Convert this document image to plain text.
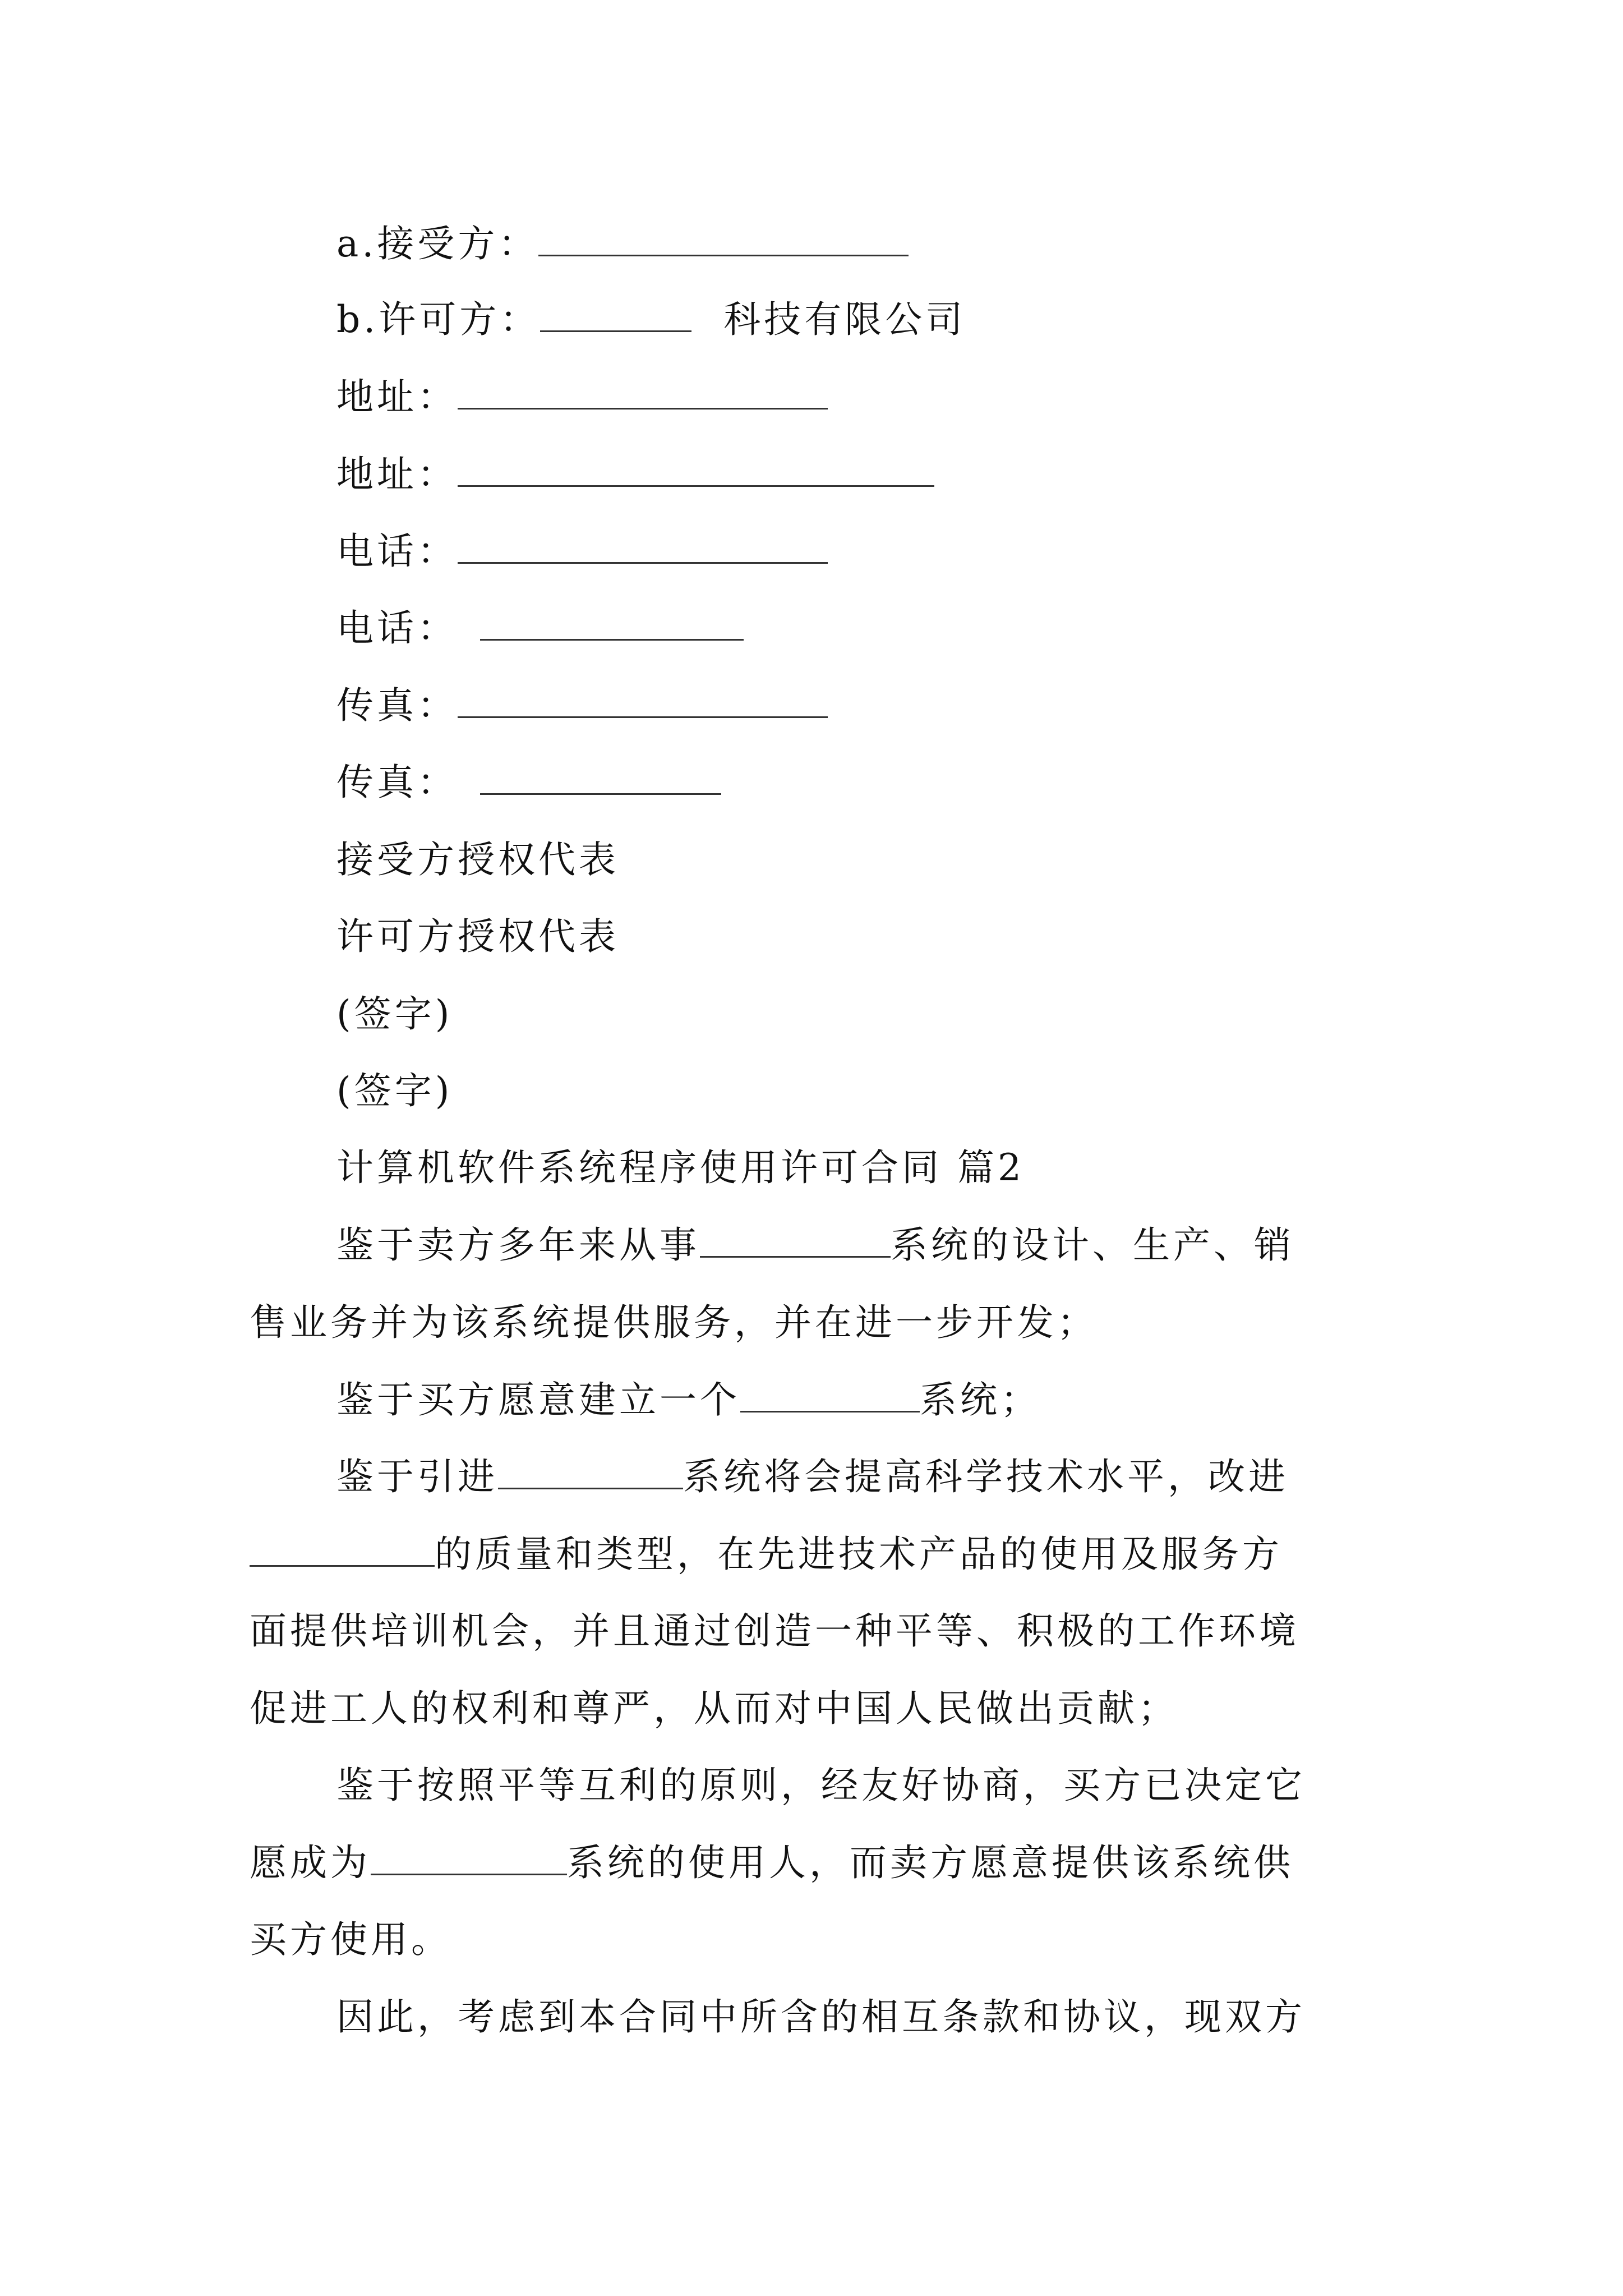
a.接受方：
b.许可方：	科技有限公司
地址：
地址：
电话：
电话：
传真：
传真：
接受方授权代表
许可方授权代表
(签字)
(签字)
计算机软件系统程序使用许可合同 篇2
鉴于卖方多年来从事	系统的设计、生产、销
售业务并为该系统提供服务，并在进一步开发；
鉴于买方愿意建立一个	系统；
鉴于引进	系统将会提高科学技术水平，改进
的质量和类型，在先进技术产品的使用及服务方
面提供培训机会，并且通过创造一种平等、积极的工作环境
促进工人的权利和尊严，从而对中国人民做出贡献；
鉴于按照平等互利的原则，经友好协商，买方已决定它
愿成为	系统的使用人，而卖方愿意提供该系统供
买方使用。
因此，考虑到本合同中所含的相互条款和协议，现双方
